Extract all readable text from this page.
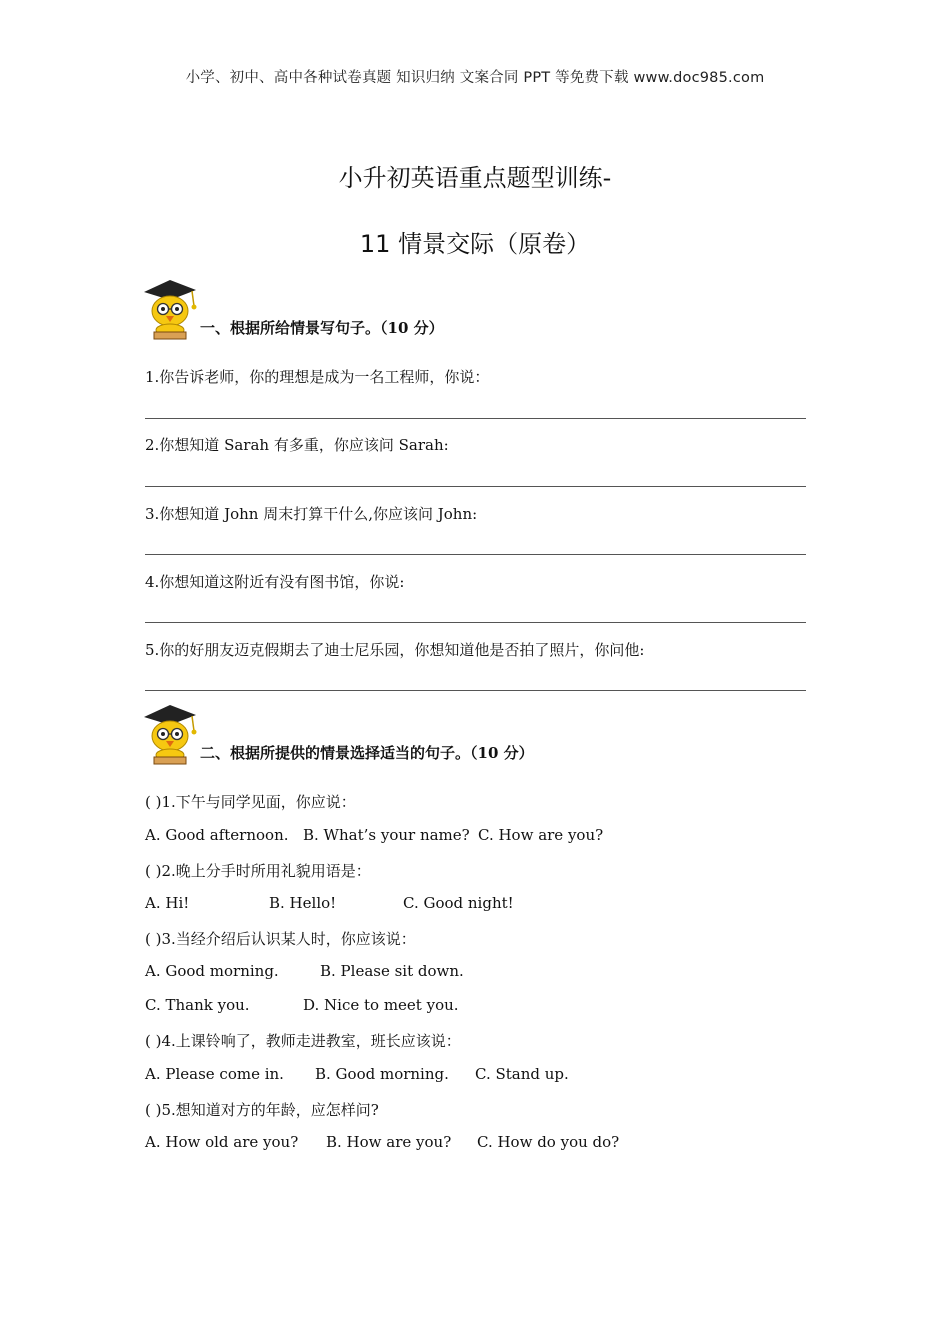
小学、初中、高中各种试卷真题 知识归纳 文案合同 PPT 等免费下载 www.doc985.com
小升初英语重点题型训练-
11 情景交际（原卷）
一、根据所给情景写句子。（10 分）
1.你告诉老师，你的理想是成为一名工程师，你说：
2.你想知道 Sarah 有多重，你应该问 Sarah:
3.你想知道 John 周末打算干什么,你应该问 John:
4.你想知道这附近有没有图书馆，你说:
5.你的好朋友迈克假期去了迪士尼乐园，你想知道他是否拍了照片，你问他:
二、根据所提供的情景选择适当的句子。（10 分）
( )1.下午与同学见面，你应说：
A. Good afternoon. B. What’s your name? C. How are you?
( )2.晚上分手时所用礼貌用语是：
A. Hi!	B. Hello!	C. Good night!
( )3.当经介绍后认识某人时，你应该说：
A. Good morning.	B. Please sit down.
C. Thank you.	D. Nice to meet you.
( )4.上课铃响了，教师走进教室，班长应该说：
A. Please come in. B. Good morning. C. Stand up.
( )5.想知道对方的年龄，应怎样问?
A. How old are you? B. How are you? C. How do you do?
